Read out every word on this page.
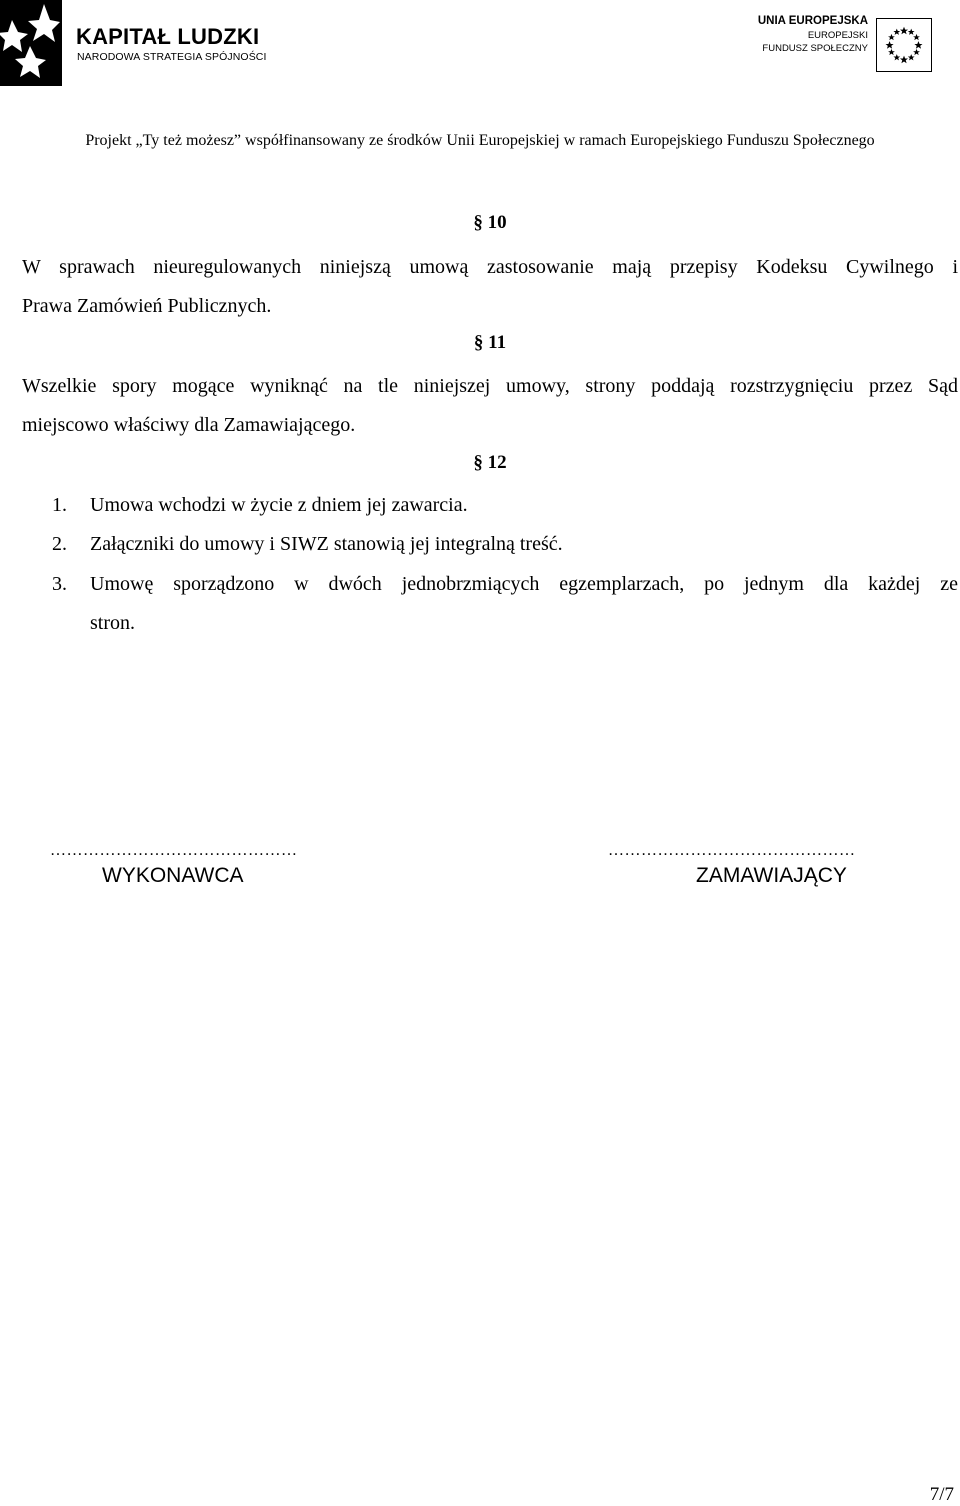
KAPITAŁ LUDZKI
NARODOWA STRATEGIA SPÓJNOŚCI
UNIA EUROPEJSKA
EUROPEJSKI
FUNDUSZ SPOŁECZNY
Projekt „Ty też możesz” współfinansowany ze środków Unii Europejskiej w ramach Europejskiego Funduszu Społecznego
§ 10
W sprawach nieuregulowanych niniejszą umową zastosowanie mają przepisy Kodeksu Cywilnego i
Prawa Zamówień Publicznych.
§ 11
Wszelkie spory mogące wyniknąć na tle niniejszej umowy, strony poddają rozstrzygnięciu przez Sąd
miejscowo właściwy dla Zamawiającego.
§ 12
1.	Umowa wchodzi w życie z dniem jej zawarcia.
2.	Załączniki do umowy i SIWZ stanowią jej integralną treść.
3.	Umowę sporządzono w dwóch jednobrzmiących egzemplarzach, po jednym dla każdej ze
stron.
………………………………………	………………………………………
WYKONAWCA	ZAMAWIAJĄCY
7/7
